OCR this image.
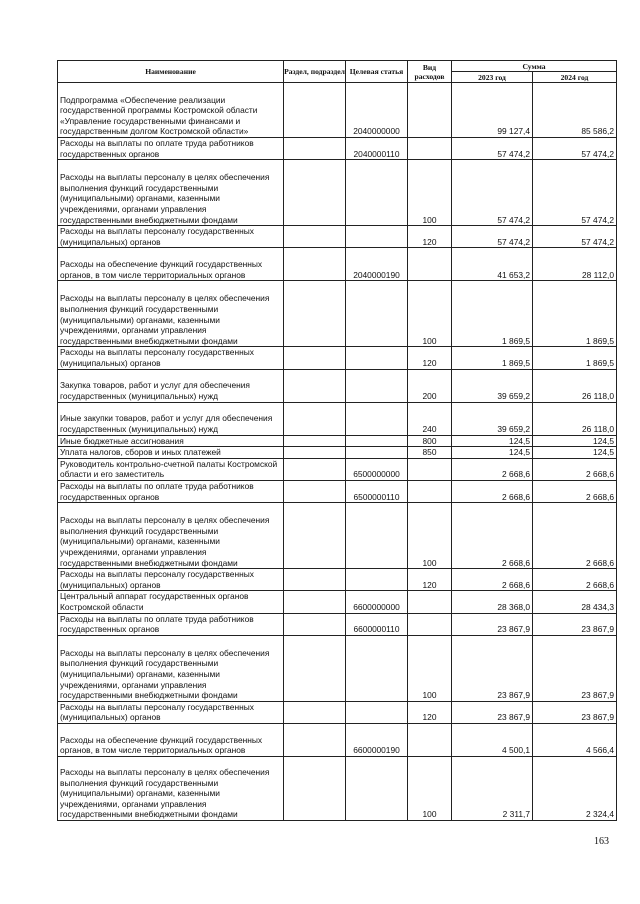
Наименование	Раздел, подраздел	Целевая статья	Вид расходов	Сумма	
				2023 год	2024 год
Подпрограмма «Обеспечение реализации государственной программы Костромской области «Управление государственными финансами и государственным долгом Костромской области»		2040000000		99 127,4	85 586,2
Расходы на выплаты по оплате труда работников государственных органов		2040000110		57 474,2	57 474,2
Расходы на выплаты персоналу в целях обеспечения выполнения функций государственными (муниципальными) органами, казенными учреждениями, органами управления государственными внебюджетными фондами			100	57 474,2	57 474,2
Расходы на выплаты персоналу государственных (муниципальных) органов			120	57 474,2	57 474,2
Расходы на обеспечение функций государственных органов, в том числе территориальных органов		2040000190		41 653,2	28 112,0
Расходы на выплаты персоналу в целях обеспечения выполнения функций государственными (муниципальными) органами, казенными учреждениями, органами управления государственными внебюджетными фондами			100	1 869,5	1 869,5
Расходы на выплаты персоналу государственных (муниципальных) органов			120	1 869,5	1 869,5
Закупка товаров, работ и услуг для обеспечения государственных (муниципальных) нужд			200	39 659,2	26 118,0
Иные закупки товаров, работ и услуг для обеспечения государственных (муниципальных) нужд			240	39 659,2	26 118,0
Иные бюджетные ассигнования			800	124,5	124,5
Уплата налогов, сборов и иных платежей			850	124,5	124,5
Руководитель контрольно-счетной палаты Костромской области и его заместитель		6500000000		2 668,6	2 668,6
Расходы на выплаты по оплате труда работников государственных органов		6500000110		2 668,6	2 668,6
Расходы на выплаты персоналу в целях обеспечения выполнения функций государственными (муниципальными) органами, казенными учреждениями, органами управления государственными внебюджетными фондами			100	2 668,6	2 668,6
Расходы на выплаты персоналу государственных (муниципальных) органов			120	2 668,6	2 668,6
Центральный аппарат государственных органов Костромской области		6600000000		28 368,0	28 434,3
Расходы на выплаты по оплате труда работников государственных органов		6600000110		23 867,9	23 867,9
Расходы на выплаты персоналу в целях обеспечения выполнения функций государственными (муниципальными) органами, казенными учреждениями, органами управления государственными внебюджетными фондами			100	23 867,9	23 867,9
Расходы на выплаты персоналу государственных (муниципальных) органов			120	23 867,9	23 867,9
Расходы на обеспечение функций государственных органов, в том числе территориальных органов		6600000190		4 500,1	4 566,4
Расходы на выплаты персоналу в целях обеспечения выполнения функций государственными (муниципальными) органами, казенными учреждениями, органами управления государственными внебюджетными фондами			100	2 311,7	2 324,4
163
